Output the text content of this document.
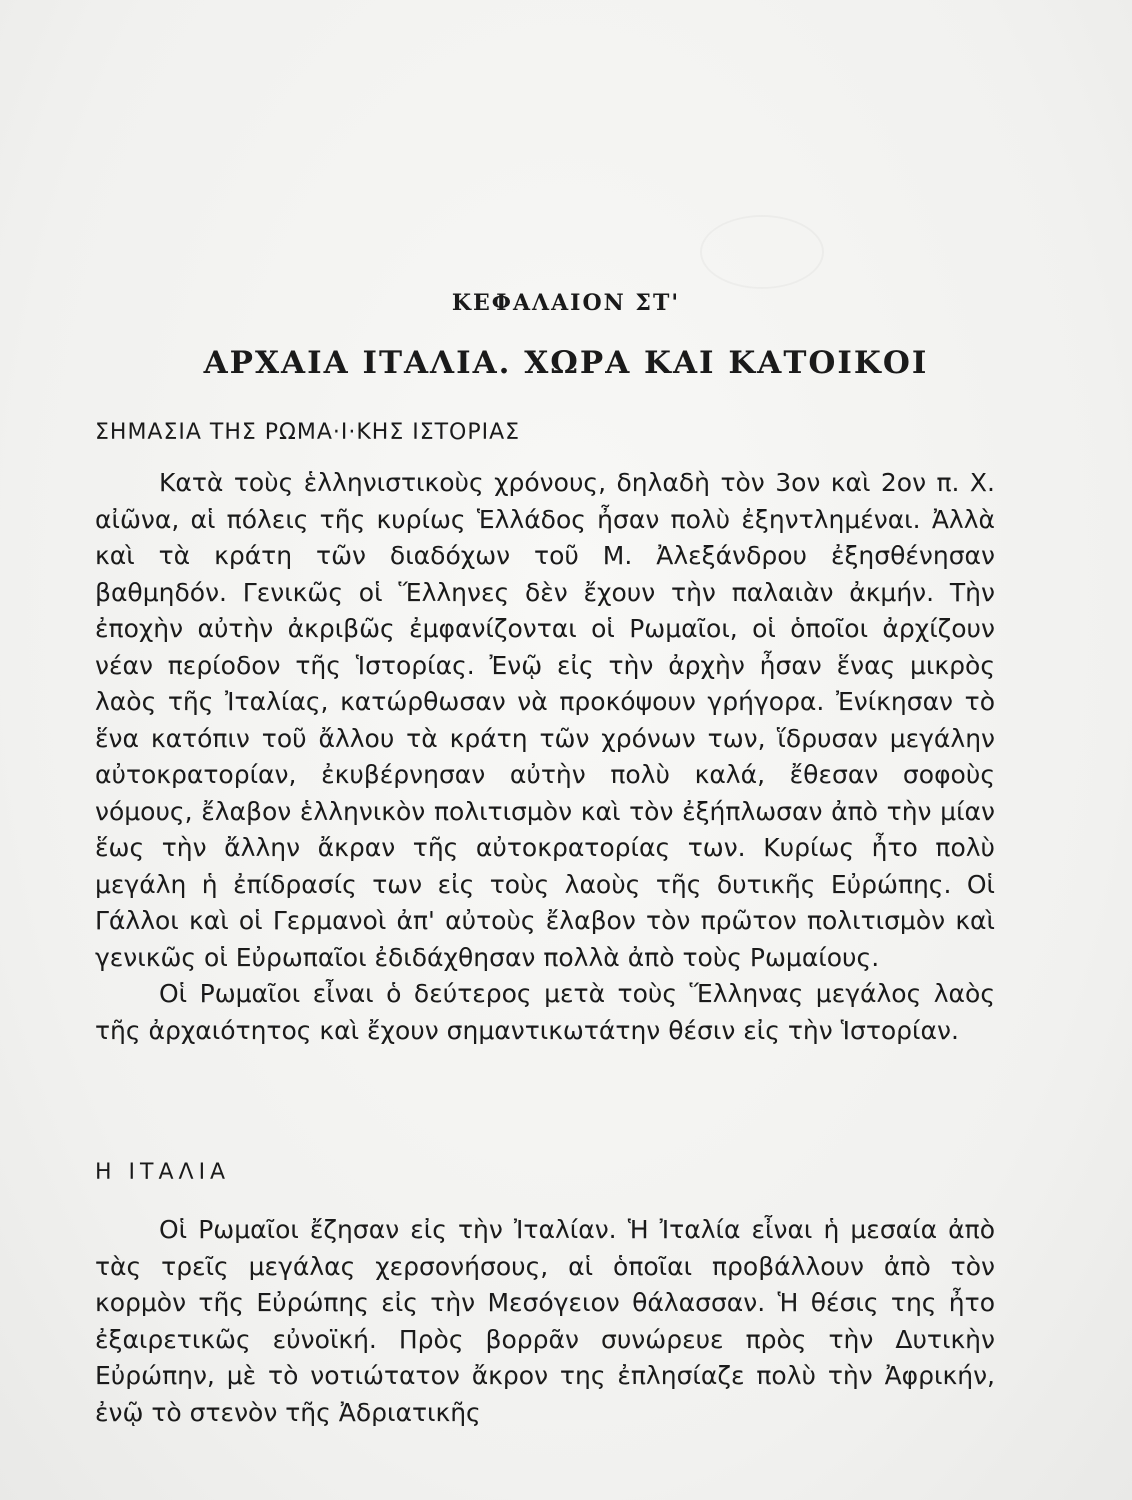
ΚΕΦΑΛΑΙΟΝ ΣΤ'
ΑΡΧΑΙΑ ΙΤΑΛΙΑ. ΧΩΡΑ ΚΑΙ ΚΑΤΟΙΚΟΙ
ΣΗΜΑΣΙΑ ΤΗΣ ΡΩΜΑ·Ι·ΚΗΣ ΙΣΤΟΡΙΑΣ

Κατὰ τοὺς ἑλληνιστικοὺς χρόνους, δηλαδὴ τὸν 3ον καὶ 2ον π. Χ. αἰῶνα, αἱ πόλεις τῆς κυρίως Ἑλλάδος ἦσαν πολὺ ἐξηντλημέναι. Ἀλλὰ καὶ τὰ κράτη τῶν διαδόχων τοῦ Μ. Ἀλεξάνδρου ἐξησθένησαν βαθμηδόν. Γενικῶς οἱ Ἕλληνες δὲν ἔχουν τὴν παλαιὰν ἀκμήν. Τὴν ἐποχὴν αὐτὴν ἀκριβῶς ἐμφανίζονται οἱ Ρωμαῖοι, οἱ ὁποῖοι ἀρχίζουν νέαν περίοδον τῆς Ἱστορίας. Ἐνῷ εἰς τὴν ἀρχὴν ἦσαν ἕνας μικρὸς λαὸς τῆς Ἰταλίας, κατώρθωσαν νὰ προκόψουν γρήγορα. Ἐνίκησαν τὸ ἕνα κατόπιν τοῦ ἄλλου τὰ κράτη τῶν χρόνων των, ἵδρυσαν μεγάλην αὐτοκρατορίαν, ἐκυβέρνησαν αὐτὴν πολὺ καλά, ἔθεσαν σοφοὺς νόμους, ἔλαβον ἑλληνικὸν πολιτισμὸν καὶ τὸν ἐξήπλωσαν ἀπὸ τὴν μίαν ἕως τὴν ἄλλην ἄκραν τῆς αὐτοκρατορίας των. Κυρίως ἦτο πολὺ μεγάλη ἡ ἐπίδρασίς των εἰς τοὺς λαοὺς τῆς δυτικῆς Εὐρώπης. Οἱ Γάλλοι καὶ οἱ Γερμανοὶ ἀπ' αὐτοὺς ἔλαβον τὸν πρῶτον πολιτισμὸν καὶ γενικῶς οἱ Εὐρωπαῖοι ἐδιδάχθησαν πολλὰ ἀπὸ τοὺς Ρωμαίους.

Οἱ Ρωμαῖοι εἶναι ὁ δεύτερος μετὰ τοὺς Ἕλληνας μεγάλος λαὸς τῆς ἀρχαιότητος καὶ ἔχουν σημαντικωτάτην θέσιν εἰς τὴν Ἱστορίαν.

Η ΙΤΑΛΙΑ

Οἱ Ρωμαῖοι ἔζησαν εἰς τὴν Ἰταλίαν. Ἡ Ἰταλία εἶναι ἡ μεσαία ἀπὸ τὰς τρεῖς μεγάλας χερσονήσους, αἱ ὁποῖαι προβάλλουν ἀπὸ τὸν κορμὸν τῆς Εὐρώπης εἰς τὴν Μεσόγειον θάλασσαν. Ἡ θέσις της ἦτο ἐξαιρετικῶς εὐνοϊκή. Πρὸς βορρᾶν συνώρευε πρὸς τὴν Δυτικὴν Εὐρώπην, μὲ τὸ νοτιώτατον ἄκρον της ἐπλησίαζε πολὺ τὴν Ἀφρικήν, ἐνῷ τὸ στενὸν τῆς Ἀδριατικῆς
